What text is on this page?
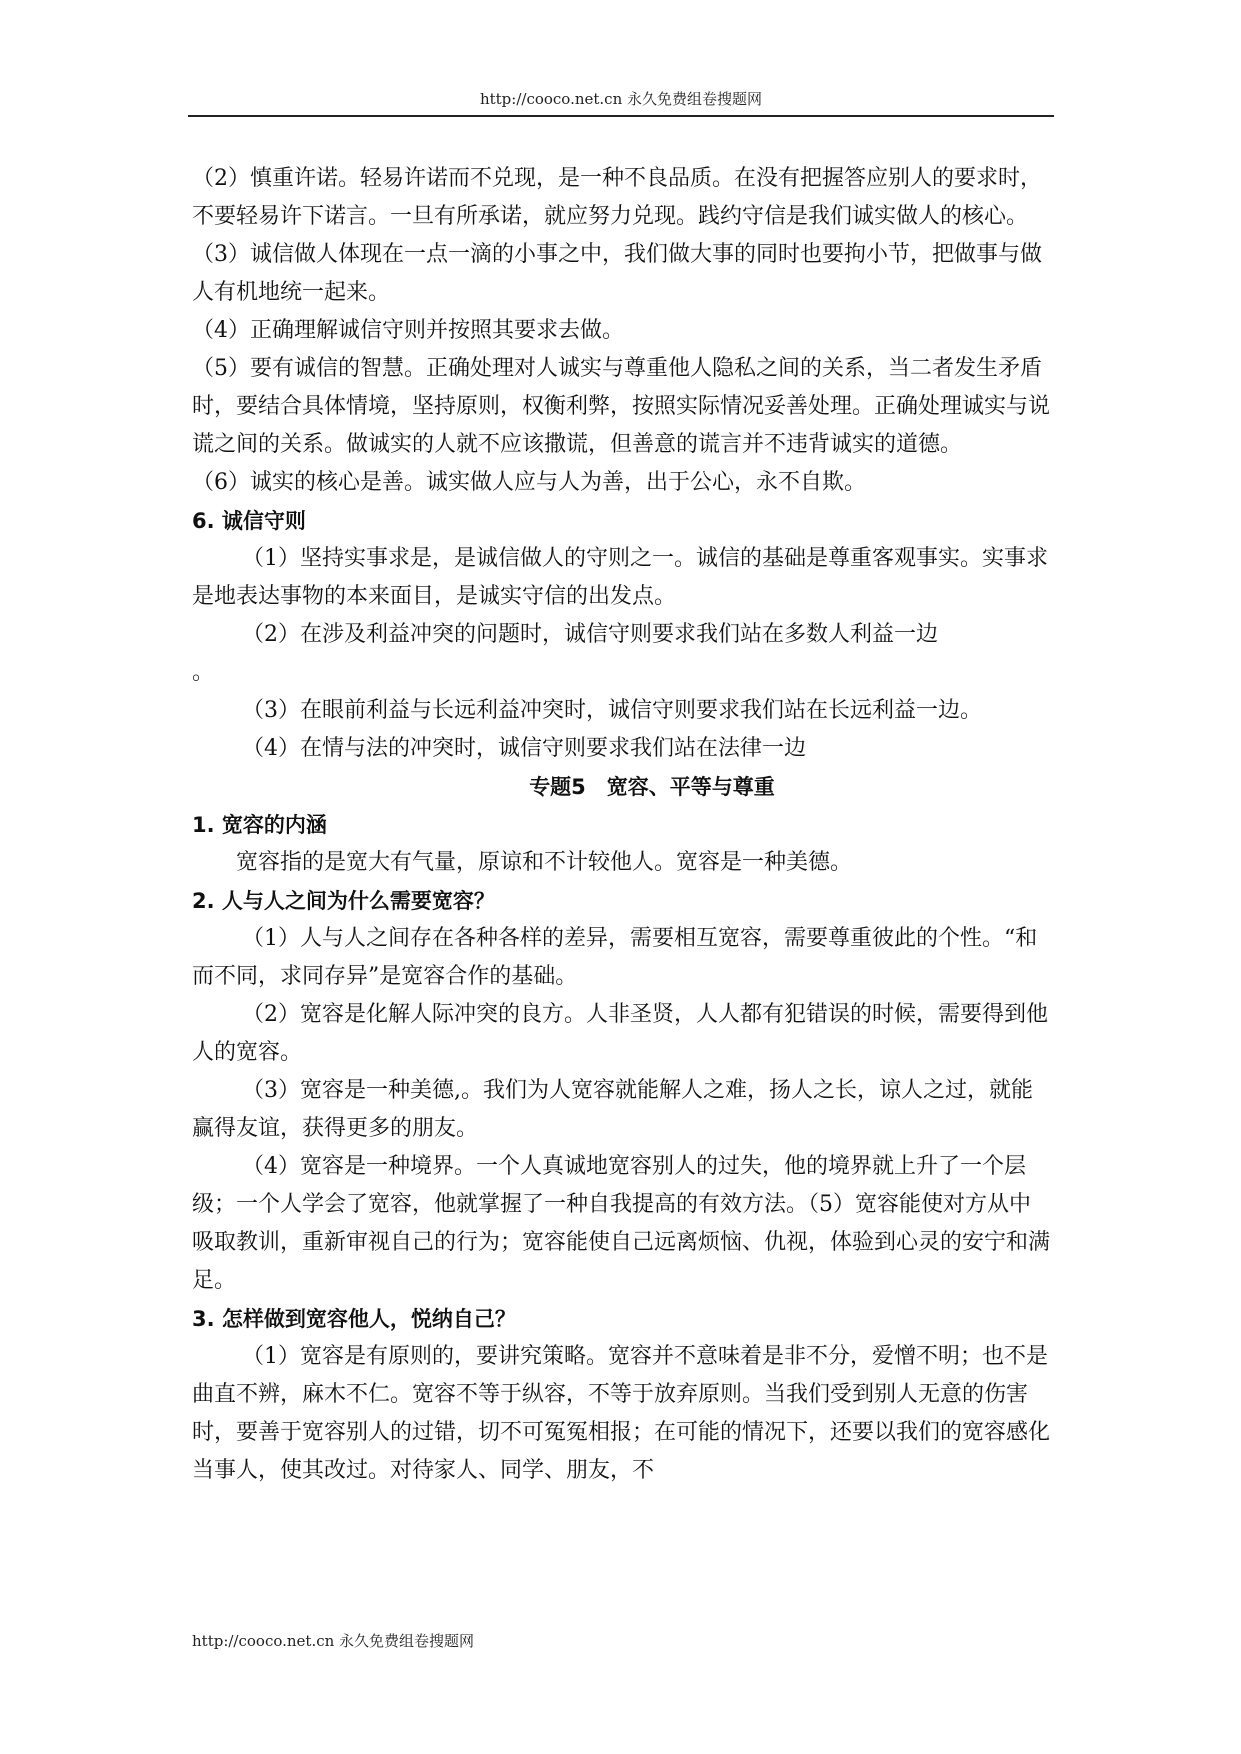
http://cooco.net.cn 永久免费组卷搜题网

（2）慎重许诺。轻易许诺而不兑现，是一种不良品质。在没有把握答应别人的要求时，不要轻易许下诺言。一旦有所承诺，就应努力兑现。践约守信是我们诚实做人的核心。

（3）诚信做人体现在一点一滴的小事之中，我们做大事的同时也要拘小节，把做事与做人有机地统一起来。

（4）正确理解诚信守则并按照其要求去做。

（5）要有诚信的智慧。正确处理对人诚实与尊重他人隐私之间的关系，当二者发生矛盾时，要结合具体情境，坚持原则，权衡利弊，按照实际情况妥善处理。正确处理诚实与说谎之间的关系。做诚实的人就不应该撒谎，但善意的谎言并不违背诚实的道德。

（6）诚实的核心是善。诚实做人应与人为善，出于公心，永不自欺。

6. 诚信守则

（1）坚持实事求是，是诚信做人的守则之一。诚信的基础是尊重客观事实。实事求是地表达事物的本来面目，是诚实守信的出发点。

（2）在涉及利益冲突的问题时，诚信守则要求我们站在多数人利益一边

。

（3）在眼前利益与长远利益冲突时，诚信守则要求我们站在长远利益一边。

（4）在情与法的冲突时，诚信守则要求我们站在法律一边

专题5　宽容、平等与尊重

1. 宽容的内涵

宽容指的是宽大有气量，原谅和不计较他人。宽容是一种美德。

2. 人与人之间为什么需要宽容？

（1）人与人之间存在各种各样的差异，需要相互宽容，需要尊重彼此的个性。“和而不同，求同存异”是宽容合作的基础。

（2）宽容是化解人际冲突的良方。人非圣贤，人人都有犯错误的时候，需要得到他人的宽容。

（3）宽容是一种美德,。我们为人宽容就能解人之难，扬人之长，谅人之过，就能赢得友谊，获得更多的朋友。

（4）宽容是一种境界。一个人真诚地宽容别人的过失，他的境界就上升了一个层级；一个人学会了宽容，他就掌握了一种自我提高的有效方法。（5）宽容能使对方从中吸取教训，重新审视自己的行为；宽容能使自己远离烦恼、仇视，体验到心灵的安宁和满足。

3. 怎样做到宽容他人，悦纳自己？

（1）宽容是有原则的，要讲究策略。宽容并不意味着是非不分，爱憎不明；也不是曲直不辨，麻木不仁。宽容不等于纵容，不等于放弃原则。当我们受到别人无意的伤害时，要善于宽容别人的过错，切不可冤冤相报；在可能的情况下，还要以我们的宽容感化当事人，使其改过。对待家人、同学、朋友，不

http://cooco.net.cn 永久免费组卷搜题网
